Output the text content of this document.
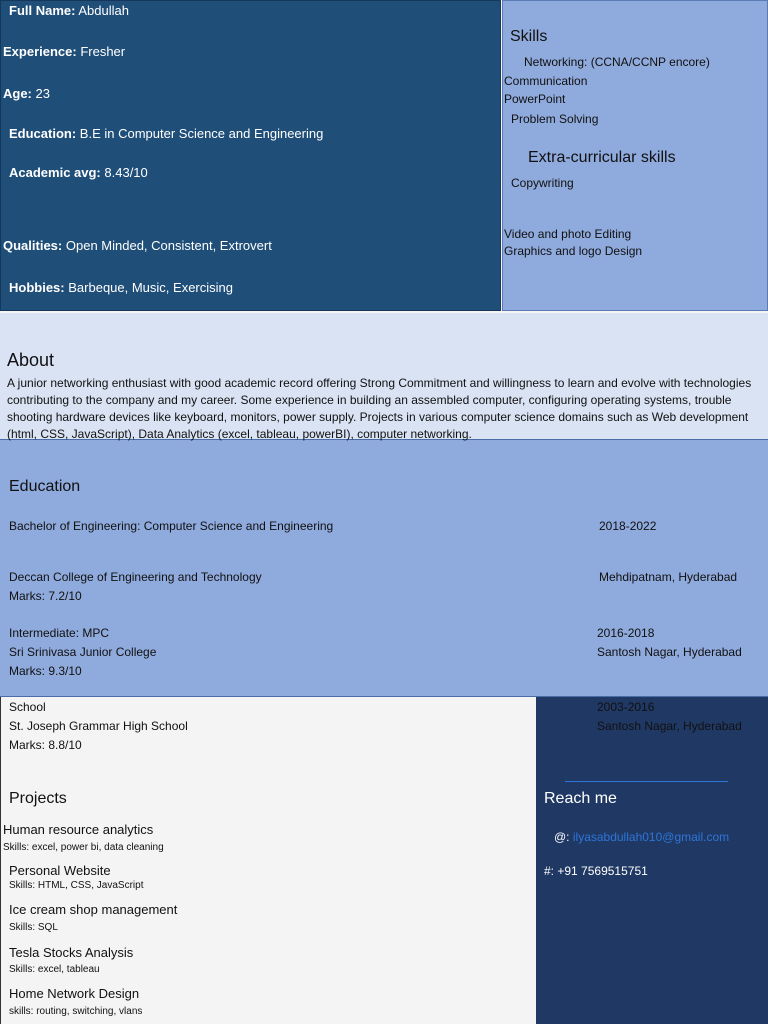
Full Name: Abdullah
Experience: Fresher
Age: 23
Education: B.E in Computer Science and Engineering
Academic avg: 8.43/10
Qualities: Open Minded, Consistent, Extrovert
Hobbies: Barbeque, Music, Exercising
Skills
Networking: (CCNA/CCNP encore)
Communication
PowerPoint
Problem Solving
Extra-curricular skills
Copywriting
Video and photo Editing
Graphics and logo Design
About
A junior networking enthusiast with good academic record offering Strong Commitment and willingness to learn and evolve with technologies contributing to the company and my career. Some experience in building an assembled computer, configuring operating systems, trouble shooting hardware devices like keyboard, monitors, power supply. Projects in various computer science domains such as Web development (html, CSS, JavaScript), Data Analytics (excel, tableau, powerBI), computer networking.
Education
Bachelor of Engineering: Computer Science and Engineering	2018-2022
Deccan College of Engineering and Technology	Mehdipatnam, Hyderabad
Marks: 7.2/10
Intermediate: MPC	2016-2018
Sri Srinivasa Junior College	Santosh Nagar, Hyderabad
Marks: 9.3/10
School	2003-2016
St. Joseph Grammar High School	Santosh Nagar, Hyderabad
Marks: 8.8/10
Projects
Human resource analytics
Skills: excel, power bi, data cleaning
Personal Website
Skills: HTML, CSS, JavaScript
Ice cream shop management
Skills: SQL
Tesla Stocks Analysis
Skills: excel, tableau
Home Network Design
skills: routing, switching, vlans
Reach me
@: ilyasabdullah010@gmail.com
#: +91 7569515751
